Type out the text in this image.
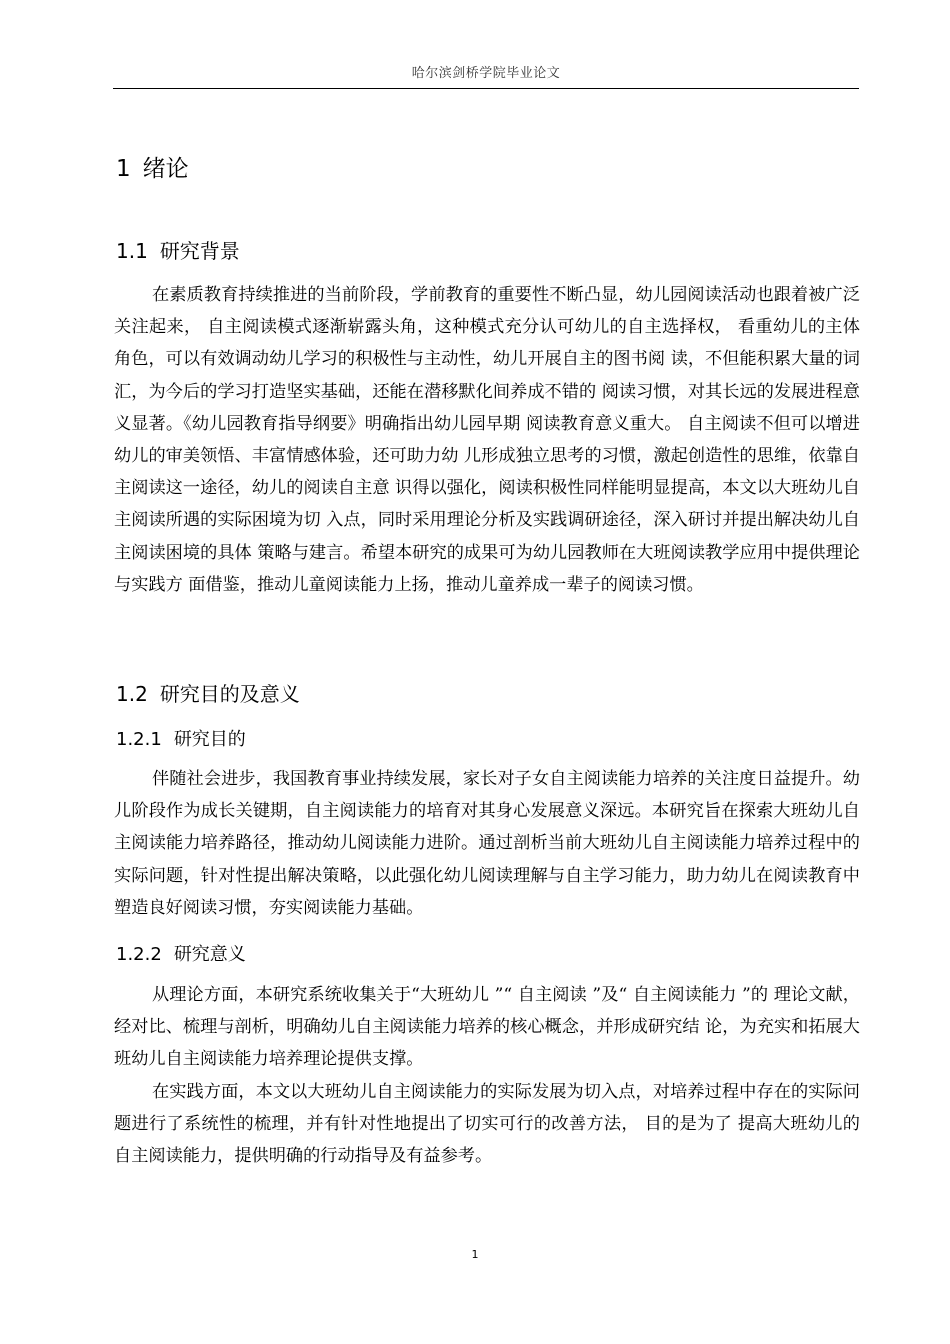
哈尔滨剑桥学院毕业论文
1 绪论
1.1 研究背景

在素质教育持续推进的当前阶段，学前教育的重要性不断凸显，幼儿园阅读活动也跟着被广泛关注起来， 自主阅读模式逐渐崭露头角，这种模式充分认可幼儿的自主选择权， 看重幼儿的主体角色，可以有效调动幼儿学习的积极性与主动性，幼儿开展自主的图书阅 读，不但能积累大量的词汇，为今后的学习打造坚实基础，还能在潜移默化间养成不错的 阅读习惯，对其长远的发展进程意义显著。《幼儿园教育指导纲要》明确指出幼儿园早期 阅读教育意义重大。 自主阅读不但可以增进幼儿的审美领悟、丰富情感体验，还可助力幼 儿形成独立思考的习惯，激起创造性的思维，依靠自主阅读这一途径，幼儿的阅读自主意 识得以强化，阅读积极性同样能明显提高，本文以大班幼儿自主阅读所遇的实际困境为切 入点，同时采用理论分析及实践调研途径，深入研讨并提出解决幼儿自主阅读困境的具体 策略与建言。希望本研究的成果可为幼儿园教师在大班阅读教学应用中提供理论与实践方 面借鉴，推动儿童阅读能力上扬，推动儿童养成一辈子的阅读习惯。

1.2 研究目的及意义
1.2.1 研究目的

伴随社会进步，我国教育事业持续发展，家长对子女自主阅读能力培养的关注度日益提升。幼儿阶段作为成长关键期，自主阅读能力的培育对其身心发展意义深远。本研究旨在探索大班幼儿自主阅读能力培养路径，推动幼儿阅读能力进阶。通过剖析当前大班幼儿自主阅读能力培养过程中的实际问题，针对性提出解决策略，以此强化幼儿阅读理解与自主学习能力，助力幼儿在阅读教育中塑造良好阅读习惯，夯实阅读能力基础。

1.2.2 研究意义

从理论方面，本研究系统收集关于“大班幼儿 ”“ 自主阅读 ”及“ 自主阅读能力 ”的 理论文献，经对比、梳理与剖析，明确幼儿自主阅读能力培养的核心概念，并形成研究结 论，为充实和拓展大班幼儿自主阅读能力培养理论提供支撑。

在实践方面，本文以大班幼儿自主阅读能力的实际发展为切入点，对培养过程中存在的实际问题进行了系统性的梳理，并有针对性地提出了切实可行的改善方法， 目的是为了 提高大班幼儿的自主阅读能力，提供明确的行动指导及有益参考。

1
